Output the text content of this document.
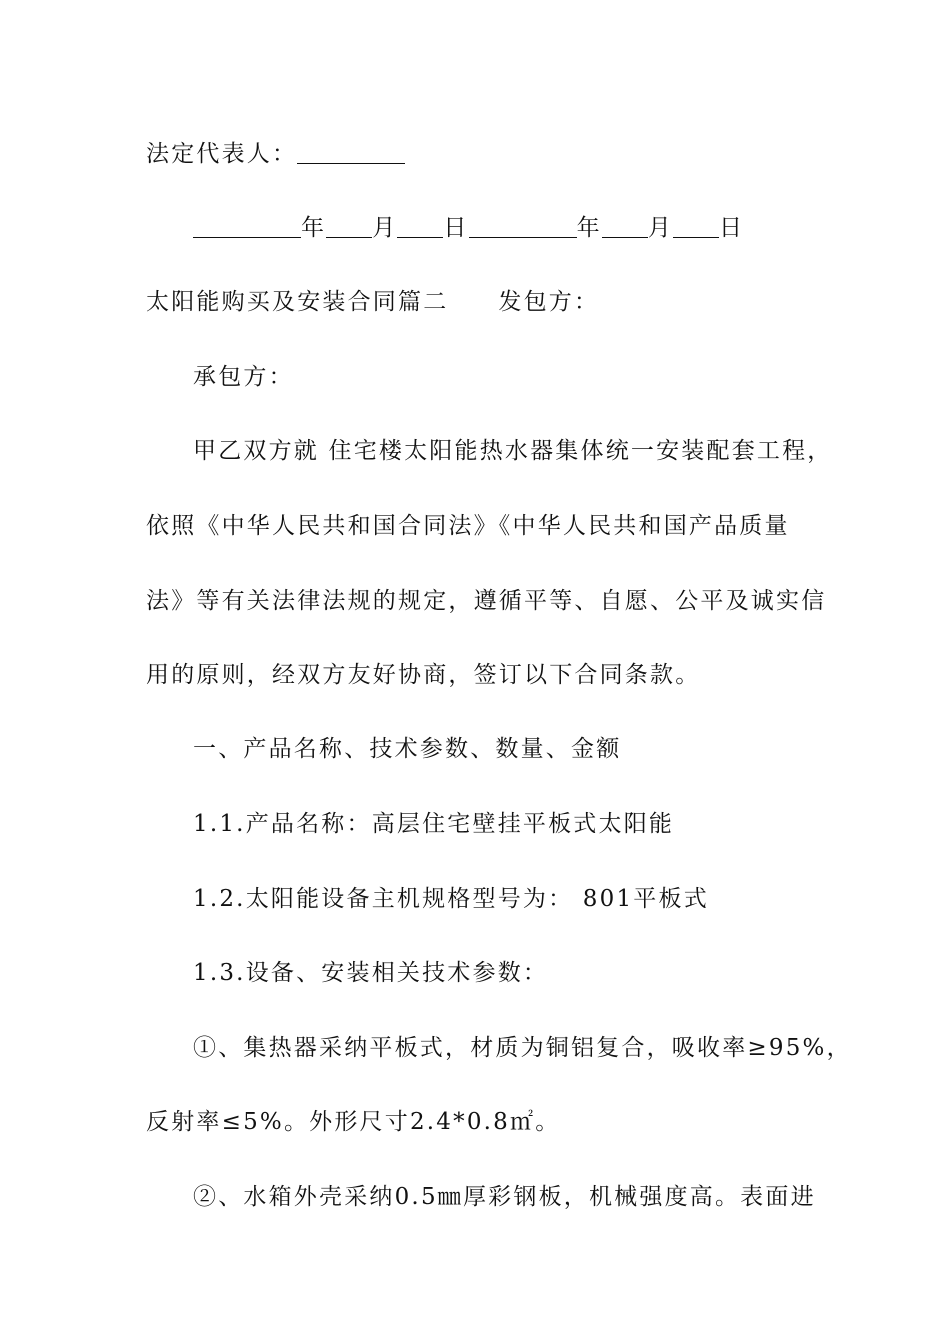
法定代表人：
年 月 日	年 月 日
太阳能购买及安装合同篇二 发包方：
承包方：
甲乙双方就 住宅楼太阳能热水器集体统一安装配套工程，
依照《中华人民共和国合同法》《中华人民共和国产品质量
法》等有关法律法规的规定，遵循平等、自愿、公平及诚实信
用的原则，经双方友好协商，签订以下合同条款。
一、产品名称、技术参数、数量、金额
1.1.产品名称：高层住宅壁挂平板式太阳能
1.2.太阳能设备主机规格型号为： 801平板式
1.3.设备、安装相关技术参数：
①、集热器采纳平板式，材质为铜铝复合，吸收率≥95%，
反射率≤5%。外形尺寸2.4*0.8㎡。
②、水箱外壳采纳0.5㎜厚彩钢板，机械强度高。表面进
